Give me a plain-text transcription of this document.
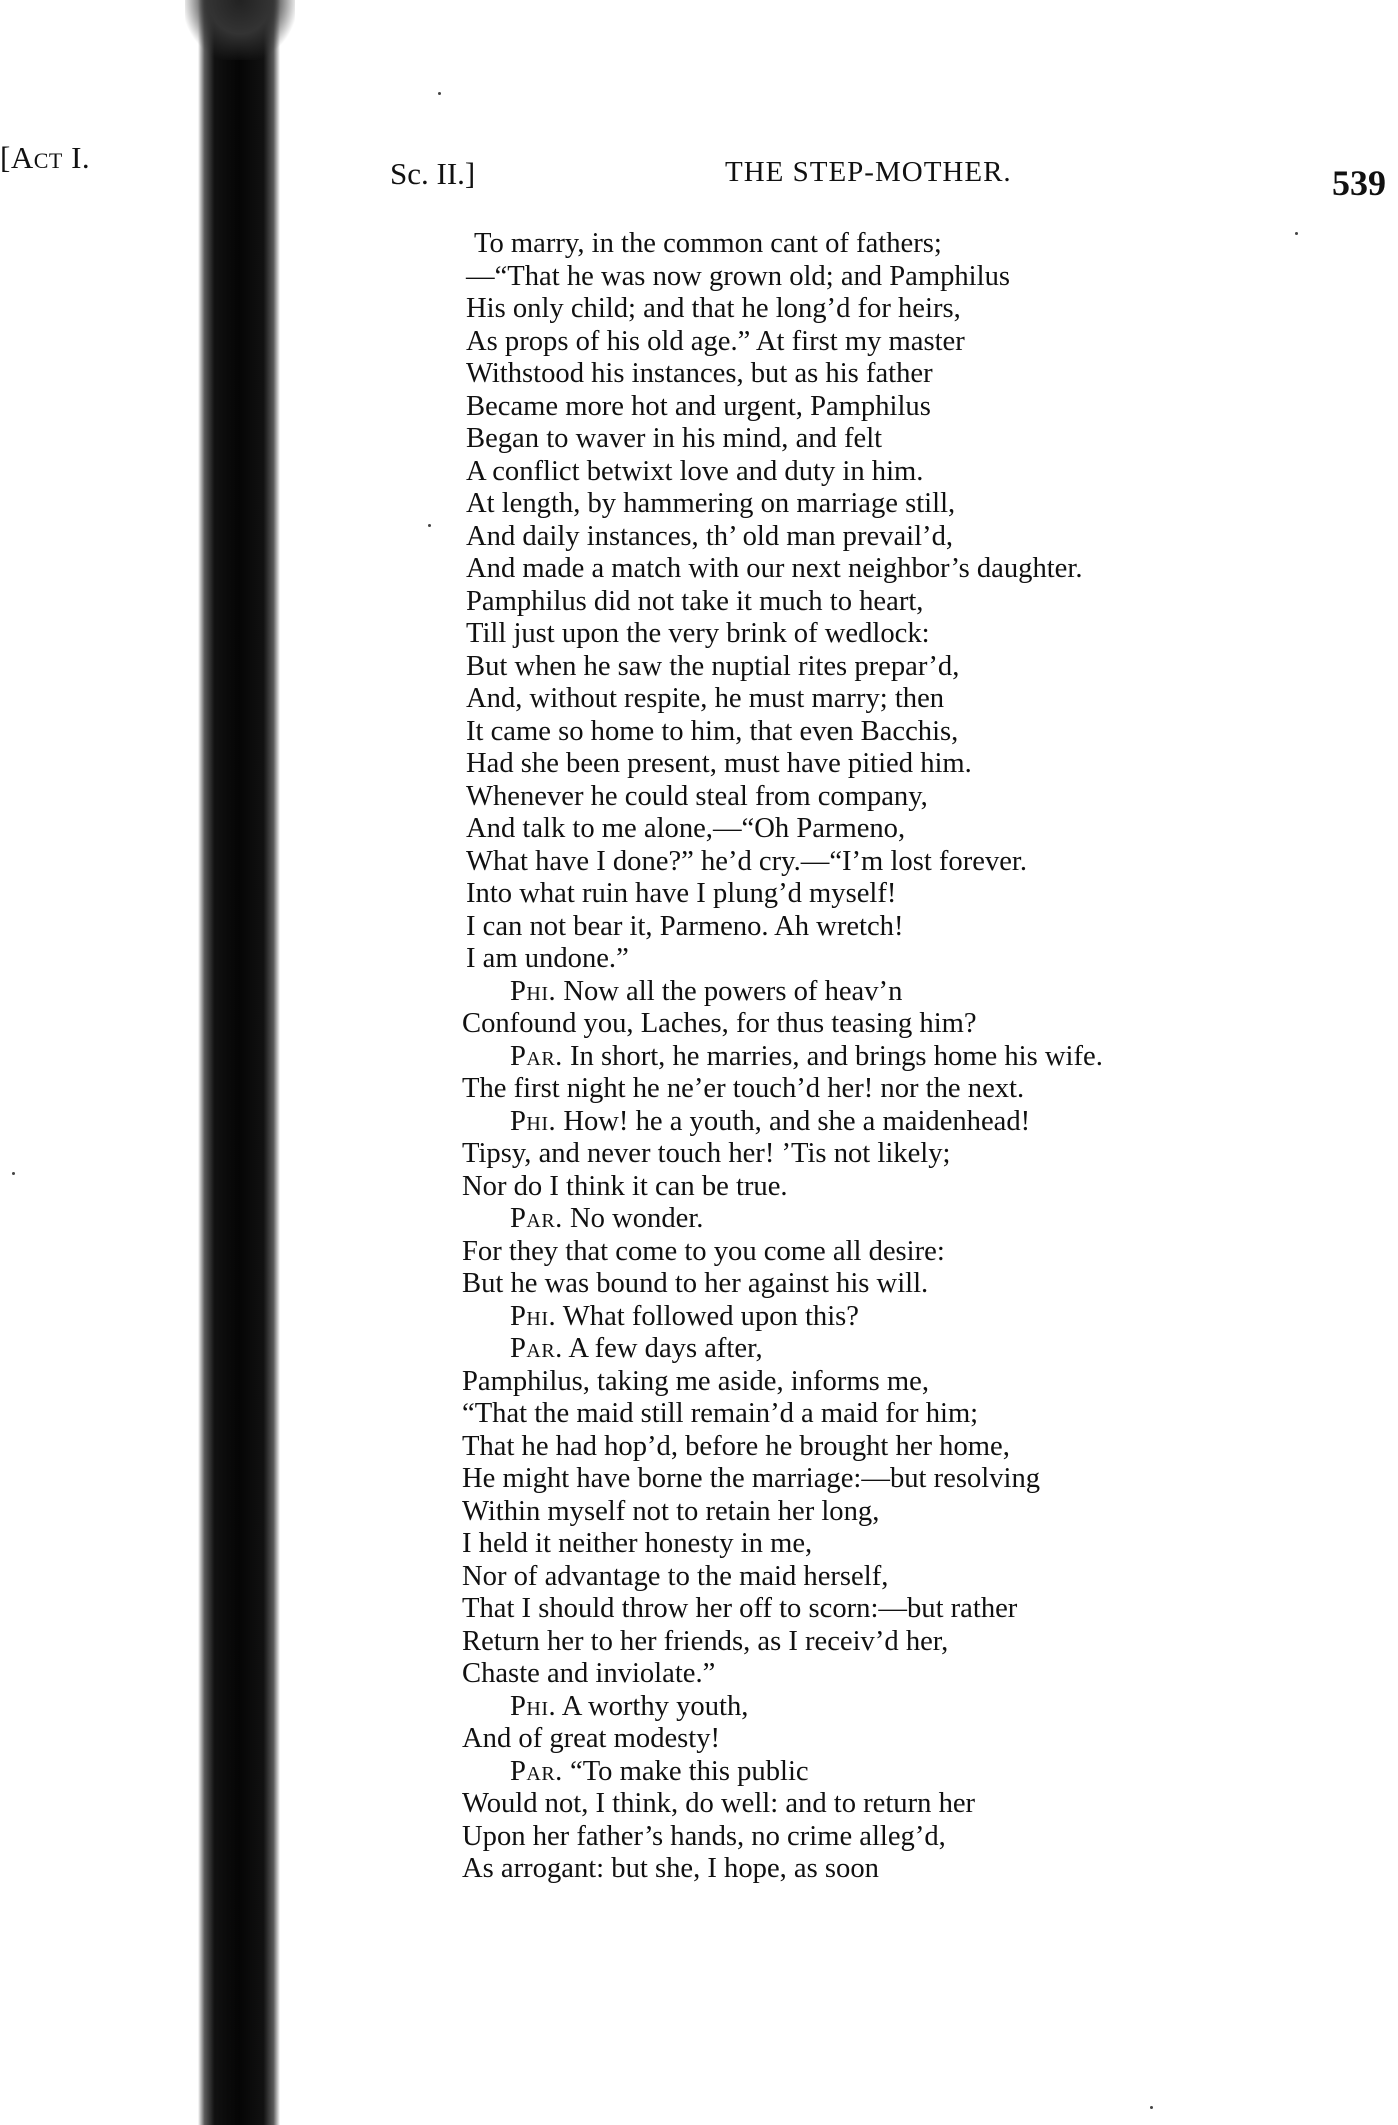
[Act I.	Sc. II.]	THE STEP-MOTHER.	539
To marry, in the common cant of fathers;
—“That he was now grown old; and Pamphilus
His only child; and that he long’d for heirs,
As props of his old age.” At first my master
Withstood his instances, but as his father
Became more hot and urgent, Pamphilus
Began to waver in his mind, and felt
A conflict betwixt love and duty in him.
At length, by hammering on marriage still,
And daily instances, th’ old man prevail’d,
And made a match with our next neighbor’s daughter.
Pamphilus did not take it much to heart,
Till just upon the very brink of wedlock:
But when he saw the nuptial rites prepar’d,
And, without respite, he must marry; then
It came so home to him, that even Bacchis,
Had she been present, must have pitied him.
Whenever he could steal from company,
And talk to me alone,—“Oh Parmeno,
What have I done?” he’d cry.—“I’m lost forever.
Into what ruin have I plung’d myself!
I can not bear it, Parmeno. Ah wretch!
I am undone.”
Phi. Now all the powers of heav’n
Confound you, Laches, for thus teasing him?
Par. In short, he marries, and brings home his wife.
The first night he ne’er touch’d her! nor the next.
Phi. How! he a youth, and she a maidenhead!
Tipsy, and never touch her! ’Tis not likely;
Nor do I think it can be true.
Par. No wonder.
For they that come to you come all desire:
But he was bound to her against his will.
Phi. What followed upon this?
Par. A few days after,
Pamphilus, taking me aside, informs me,
“That the maid still remain’d a maid for him;
That he had hop’d, before he brought her home,
He might have borne the marriage:—but resolving
Within myself not to retain her long,
I held it neither honesty in me,
Nor of advantage to the maid herself,
That I should throw her off to scorn:—but rather
Return her to her friends, as I receiv’d her,
Chaste and inviolate.”
Phi. A worthy youth,
And of great modesty!
Par. “To make this public
Would not, I think, do well: and to return her
Upon her father’s hands, no crime alleg’d,
As arrogant: but she, I hope, as soon
